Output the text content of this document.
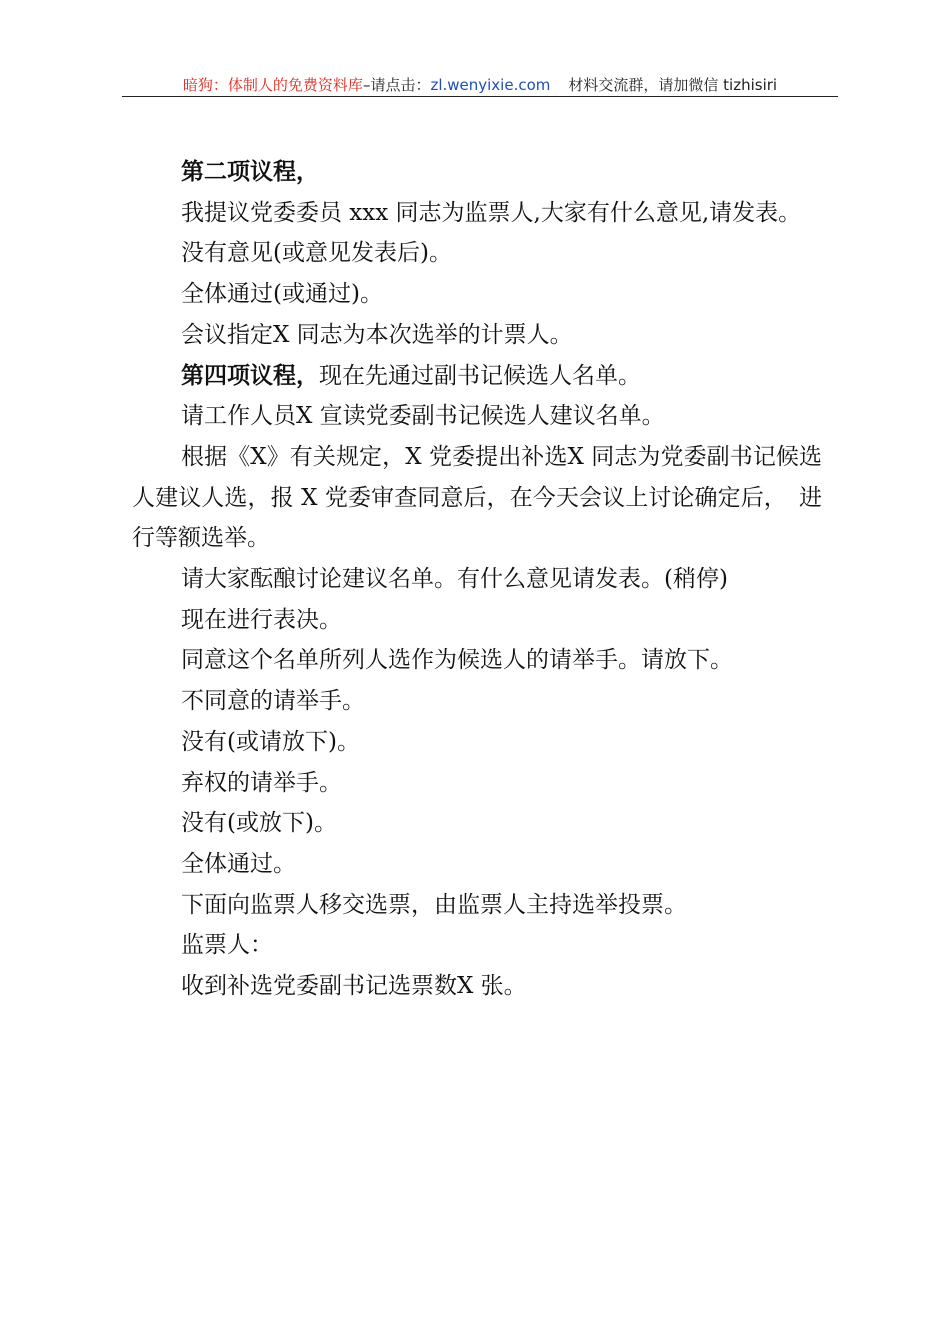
暗狗：体制人的免费资料库–请点击：zl.wenyixie.com 材料交流群，请加微信 tizhisiri

第二项议程，

我提议党委委员 xxx 同志为监票人,大家有什么意见,请发表。

没有意见(或意见发表后)。

全体通过(或通过)。

会议指定X 同志为本次选举的计票人。

第四项议程，现在先通过副书记候选人名单。

请工作人员X 宣读党委副书记候选人建议名单。

根据《X》有关规定，X 党委提出补选X 同志为党委副书记候选人建议人选，报 X 党委审查同意后，在今天会议上讨论确定后， 进行等额选举。

请大家酝酿讨论建议名单。有什么意见请发表。(稍停)

现在进行表决。

同意这个名单所列人选作为候选人的请举手。请放下。

不同意的请举手。

没有(或请放下)。

弃权的请举手。

没有(或放下)。

全体通过。

下面向监票人移交选票，由监票人主持选举投票。

监票人：

收到补选党委副书记选票数X 张。
